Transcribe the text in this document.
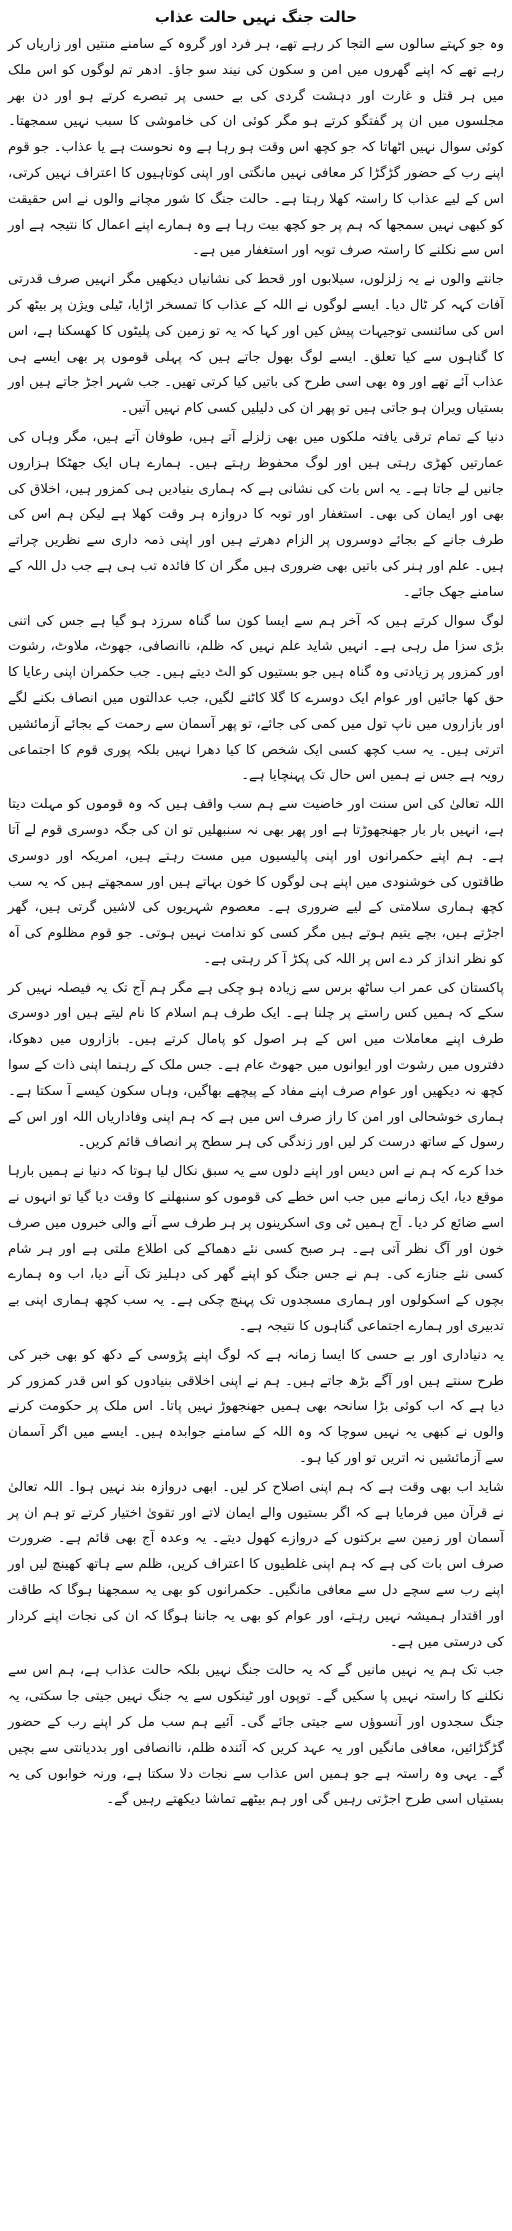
حالت جنگ نہیں حالت عذاب

وہ جو کہتے سالوں سے التجا کر رہے تھے، ہر فرد اور گروہ کے سامنے منتیں اور زاریاں کر رہے تھے کہ اپنے گھروں میں امن و سکون کی نیند سو جاؤ۔ ادھر تم لوگوں کو اس ملک میں ہر قتل و غارت اور دہشت گردی کی بے حسی پر تبصرے کرتے ہو اور دن بھر مجلسوں میں ان پر گفتگو کرتے ہو مگر کوئی ان کی خاموشی کا سبب نہیں سمجھتا۔ کوئی سوال نہیں اٹھاتا کہ جو کچھ اس وقت ہو رہا ہے وہ نحوست ہے یا عذاب۔ جو قوم اپنے رب کے حضور گڑگڑا کر معافی نہیں مانگتی اور اپنی کوتاہیوں کا اعتراف نہیں کرتی، اس کے لیے عذاب کا راستہ کھلا رہتا ہے۔ حالت جنگ کا شور مچانے والوں نے اس حقیقت کو کبھی نہیں سمجھا کہ ہم پر جو کچھ بیت رہا ہے وہ ہمارے اپنے اعمال کا نتیجہ ہے اور اس سے نکلنے کا راستہ صرف توبہ اور استغفار میں ہے۔

جانتے والوں نے یہ زلزلوں، سیلابوں اور قحط کی نشانیاں دیکھیں مگر انہیں صرف قدرتی آفات کہہ کر ٹال دیا۔ ایسے لوگوں نے اللہ کے عذاب کا تمسخر اڑایا، ٹیلی ویژن پر بیٹھ کر اس کی سائنسی توجیہات پیش کیں اور کہا کہ یہ تو زمین کی پلیٹوں کا کھسکنا ہے، اس کا گناہوں سے کیا تعلق۔ ایسے لوگ بھول جاتے ہیں کہ پہلی قوموں پر بھی ایسے ہی عذاب آئے تھے اور وہ بھی اسی طرح کی باتیں کیا کرتی تھیں۔ جب شہر اجڑ جاتے ہیں اور بستیاں ویران ہو جاتی ہیں تو پھر ان کی دلیلیں کسی کام نہیں آتیں۔

دنیا کے تمام ترقی یافتہ ملکوں میں بھی زلزلے آتے ہیں، طوفان آتے ہیں، مگر وہاں کی عمارتیں کھڑی رہتی ہیں اور لوگ محفوظ رہتے ہیں۔ ہمارے ہاں ایک جھٹکا ہزاروں جانیں لے جاتا ہے۔ یہ اس بات کی نشانی ہے کہ ہماری بنیادیں ہی کمزور ہیں، اخلاق کی بھی اور ایمان کی بھی۔ استغفار اور توبہ کا دروازہ ہر وقت کھلا ہے لیکن ہم اس کی طرف جانے کے بجائے دوسروں پر الزام دھرتے ہیں اور اپنی ذمہ داری سے نظریں چراتے ہیں۔ علم اور ہنر کی باتیں بھی ضروری ہیں مگر ان کا فائدہ تب ہی ہے جب دل اللہ کے سامنے جھک جائے۔

لوگ سوال کرتے ہیں کہ آخر ہم سے ایسا کون سا گناہ سرزد ہو گیا ہے جس کی اتنی بڑی سزا مل رہی ہے۔ انہیں شاید علم نہیں کہ ظلم، ناانصافی، جھوٹ، ملاوٹ، رشوت اور کمزور پر زیادتی وہ گناہ ہیں جو بستیوں کو الٹ دیتے ہیں۔ جب حکمران اپنی رعایا کا حق کھا جائیں اور عوام ایک دوسرے کا گلا کاٹنے لگیں، جب عدالتوں میں انصاف بکنے لگے اور بازاروں میں ناپ تول میں کمی کی جائے، تو پھر آسمان سے رحمت کے بجائے آزمائشیں اترتی ہیں۔ یہ سب کچھ کسی ایک شخص کا کیا دھرا نہیں بلکہ پوری قوم کا اجتماعی رویہ ہے جس نے ہمیں اس حال تک پہنچایا ہے۔

اللہ تعالیٰ کی اس سنت اور خاصیت سے ہم سب واقف ہیں کہ وہ قوموں کو مہلت دیتا ہے، انہیں بار بار جھنجھوڑتا ہے اور پھر بھی نہ سنبھلیں تو ان کی جگہ دوسری قوم لے آتا ہے۔ ہم اپنے حکمرانوں اور اپنی پالیسیوں میں مست رہتے ہیں، امریکہ اور دوسری طاقتوں کی خوشنودی میں اپنے ہی لوگوں کا خون بہاتے ہیں اور سمجھتے ہیں کہ یہ سب کچھ ہماری سلامتی کے لیے ضروری ہے۔ معصوم شہریوں کی لاشیں گرتی ہیں، گھر اجڑتے ہیں، بچے یتیم ہوتے ہیں مگر کسی کو ندامت نہیں ہوتی۔ جو قوم مظلوم کی آہ کو نظر انداز کر دے اس پر اللہ کی پکڑ آ کر رہتی ہے۔

پاکستان کی عمر اب ساٹھ برس سے زیادہ ہو چکی ہے مگر ہم آج تک یہ فیصلہ نہیں کر سکے کہ ہمیں کس راستے پر چلنا ہے۔ ایک طرف ہم اسلام کا نام لیتے ہیں اور دوسری طرف اپنے معاملات میں اس کے ہر اصول کو پامال کرتے ہیں۔ بازاروں میں دھوکا، دفتروں میں رشوت اور ایوانوں میں جھوٹ عام ہے۔ جس ملک کے رہنما اپنی ذات کے سوا کچھ نہ دیکھیں اور عوام صرف اپنے مفاد کے پیچھے بھاگیں، وہاں سکون کیسے آ سکتا ہے۔ ہماری خوشحالی اور امن کا راز صرف اس میں ہے کہ ہم اپنی وفاداریاں اللہ اور اس کے رسول کے ساتھ درست کر لیں اور زندگی کی ہر سطح پر انصاف قائم کریں۔

خدا کرے کہ ہم نے اس دیس اور اپنے دلوں سے یہ سبق نکال لیا ہوتا کہ دنیا نے ہمیں بارہا موقع دیا، ایک زمانے میں جب اس خطے کی قوموں کو سنبھلنے کا وقت دیا گیا تو انہوں نے اسے ضائع کر دیا۔ آج ہمیں ٹی وی اسکرینوں پر ہر طرف سے آنے والی خبروں میں صرف خون اور آگ نظر آتی ہے۔ ہر صبح کسی نئے دھماکے کی اطلاع ملتی ہے اور ہر شام کسی نئے جنازے کی۔ ہم نے جس جنگ کو اپنے گھر کی دہلیز تک آنے دیا، اب وہ ہمارے بچوں کے اسکولوں اور ہماری مسجدوں تک پہنچ چکی ہے۔ یہ سب کچھ ہماری اپنی بے تدبیری اور ہمارے اجتماعی گناہوں کا نتیجہ ہے۔

یہ دنیاداری اور بے حسی کا ایسا زمانہ ہے کہ لوگ اپنے پڑوسی کے دکھ کو بھی خبر کی طرح سنتے ہیں اور آگے بڑھ جاتے ہیں۔ ہم نے اپنی اخلاقی بنیادوں کو اس قدر کمزور کر دیا ہے کہ اب کوئی بڑا سانحہ بھی ہمیں جھنجھوڑ نہیں پاتا۔ اس ملک پر حکومت کرنے والوں نے کبھی یہ نہیں سوچا کہ وہ اللہ کے سامنے جوابدہ ہیں۔ ایسے میں اگر آسمان سے آزمائشیں نہ اتریں تو اور کیا ہو۔

شاید اب بھی وقت ہے کہ ہم اپنی اصلاح کر لیں۔ ابھی دروازہ بند نہیں ہوا۔ اللہ تعالیٰ نے قرآن میں فرمایا ہے کہ اگر بستیوں والے ایمان لاتے اور تقویٰ اختیار کرتے تو ہم ان پر آسمان اور زمین سے برکتوں کے دروازے کھول دیتے۔ یہ وعدہ آج بھی قائم ہے۔ ضرورت صرف اس بات کی ہے کہ ہم اپنی غلطیوں کا اعتراف کریں، ظلم سے ہاتھ کھینچ لیں اور اپنے رب سے سچے دل سے معافی مانگیں۔ حکمرانوں کو بھی یہ سمجھنا ہوگا کہ طاقت اور اقتدار ہمیشہ نہیں رہتے، اور عوام کو بھی یہ جاننا ہوگا کہ ان کی نجات اپنے کردار کی درستی میں ہے۔

جب تک ہم یہ نہیں مانیں گے کہ یہ حالت جنگ نہیں بلکہ حالت عذاب ہے، ہم اس سے نکلنے کا راستہ نہیں پا سکیں گے۔ توپوں اور ٹینکوں سے یہ جنگ نہیں جیتی جا سکتی، یہ جنگ سجدوں اور آنسوؤں سے جیتی جائے گی۔ آئیے ہم سب مل کر اپنے رب کے حضور گڑگڑائیں، معافی مانگیں اور یہ عہد کریں کہ آئندہ ظلم، ناانصافی اور بددیانتی سے بچیں گے۔ یہی وہ راستہ ہے جو ہمیں اس عذاب سے نجات دلا سکتا ہے، ورنہ خوابوں کی یہ بستیاں اسی طرح اجڑتی رہیں گی اور ہم بیٹھے تماشا دیکھتے رہیں گے۔
